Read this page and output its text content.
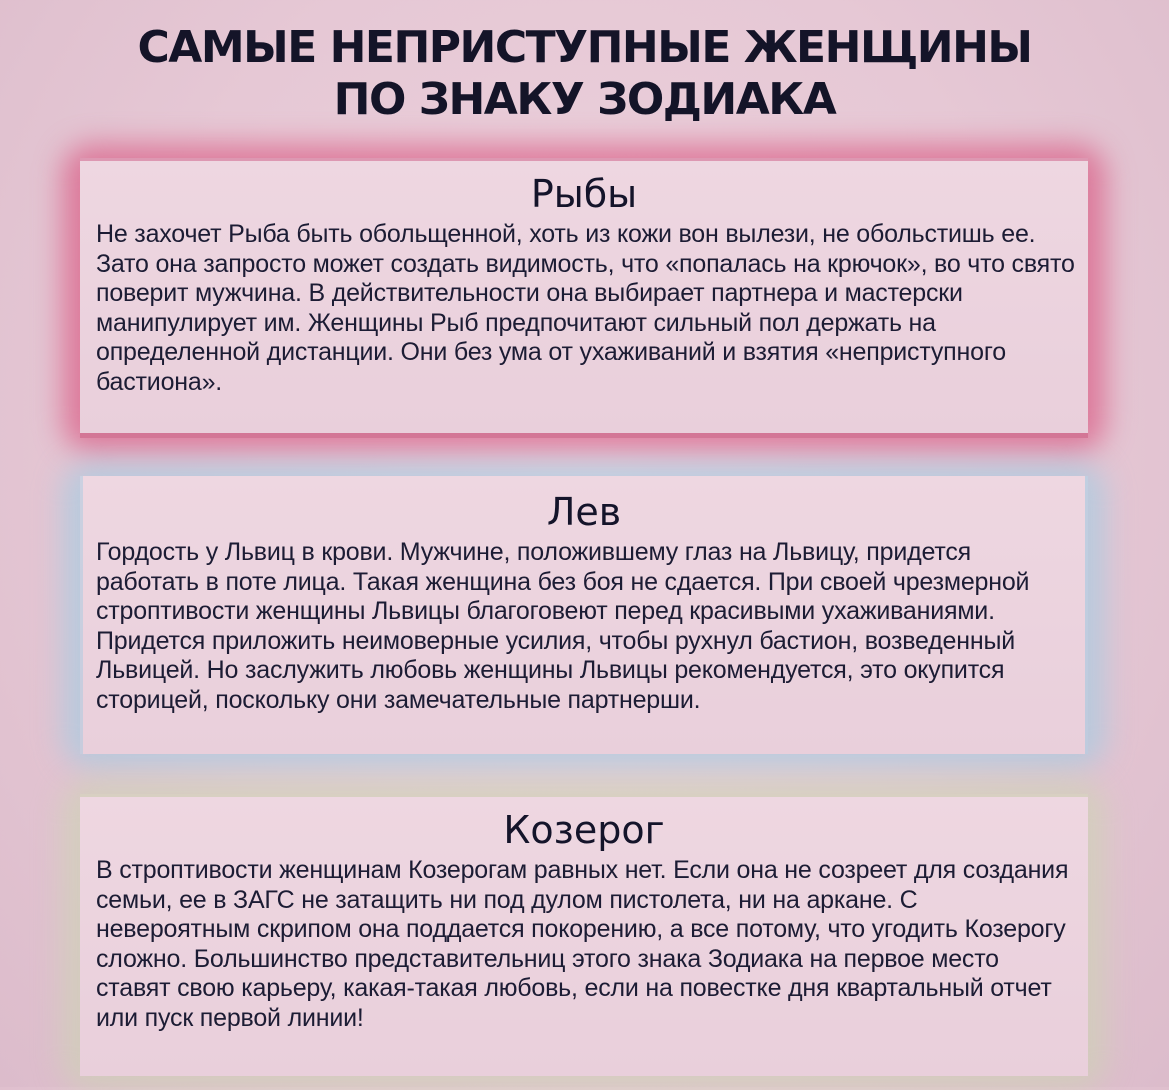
САМЫЕ НЕПРИСТУПНЫЕ ЖЕНЩИНЫ
ПО ЗНАКУ ЗОДИАКА
Рыбы

Не захочет Рыба быть обольщенной, хоть из кожи вон вылези, не обольстишь ее. Зато она запросто может создать видимость, что «попалась на крючок», во что свято поверит мужчина. В действительности она выбирает партнера и мастерски манипулирует им. Женщины Рыб предпочитают сильный пол держать на определенной дистанции. Они без ума от ухаживаний и взятия «неприступного бастиона».

Лев

Гордость у Львиц в крови. Мужчине, положившему глаз на Львицу, придется работать в поте лица. Такая женщина без боя не сдается. При своей чрезмерной строптивости женщины Львицы благоговеют перед красивыми ухаживаниями. Придется приложить неимоверные усилия, чтобы рухнул бастион, возведенный Львицей. Но заслужить любовь женщины Львицы рекомендуется, это окупится сторицей, поскольку они замечательные партнерши.

Козерог

В строптивости женщинам Козерогам равных нет. Если она не созреет для создания семьи, ее в ЗАГС не затащить ни под дулом пистолета, ни на аркане. С невероятным скрипом она поддается покорению, а все потому, что угодить Козерогу сложно. Большинство представительниц этого знака Зодиака на первое место ставят свою карьеру, какая-такая любовь, если на повестке дня квартальный отчет или пуск первой линии!
